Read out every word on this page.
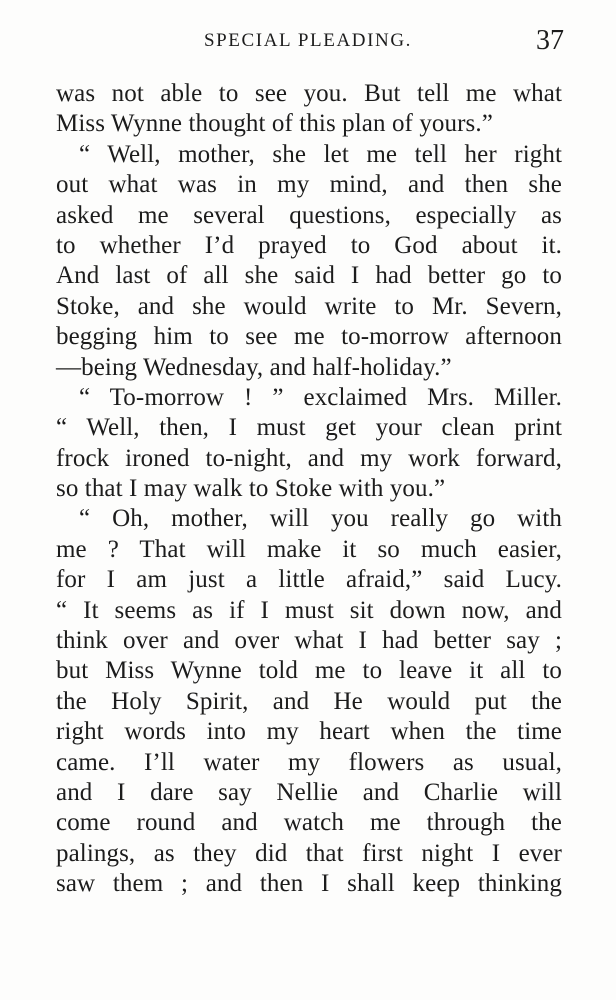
SPECIAL PLEADING.	37
was not able to see you. But tell me what
Miss Wynne thought of this plan of yours.”
“ Well, mother, she let me tell her right
out what was in my mind, and then she
asked me several questions, especially as
to whether I’d prayed to God about it.
And last of all she said I had better go to
Stoke, and she would write to Mr. Severn,
begging him to see me to-morrow afternoon
—being Wednesday, and half-holiday.”
“ To-morrow ! ” exclaimed Mrs. Miller.
“ Well, then, I must get your clean print
frock ironed to-night, and my work forward,
so that I may walk to Stoke with you.”
“ Oh, mother, will you really go with
me ? That will make it so much easier,
for I am just a little afraid,” said Lucy.
“ It seems as if I must sit down now, and
think over and over what I had better say ;
but Miss Wynne told me to leave it all to
the Holy Spirit, and He would put the
right words into my heart when the time
came. I’ll water my flowers as usual,
and I dare say Nellie and Charlie will
come round and watch me through the
palings, as they did that first night I ever
saw them ; and then I shall keep thinking
